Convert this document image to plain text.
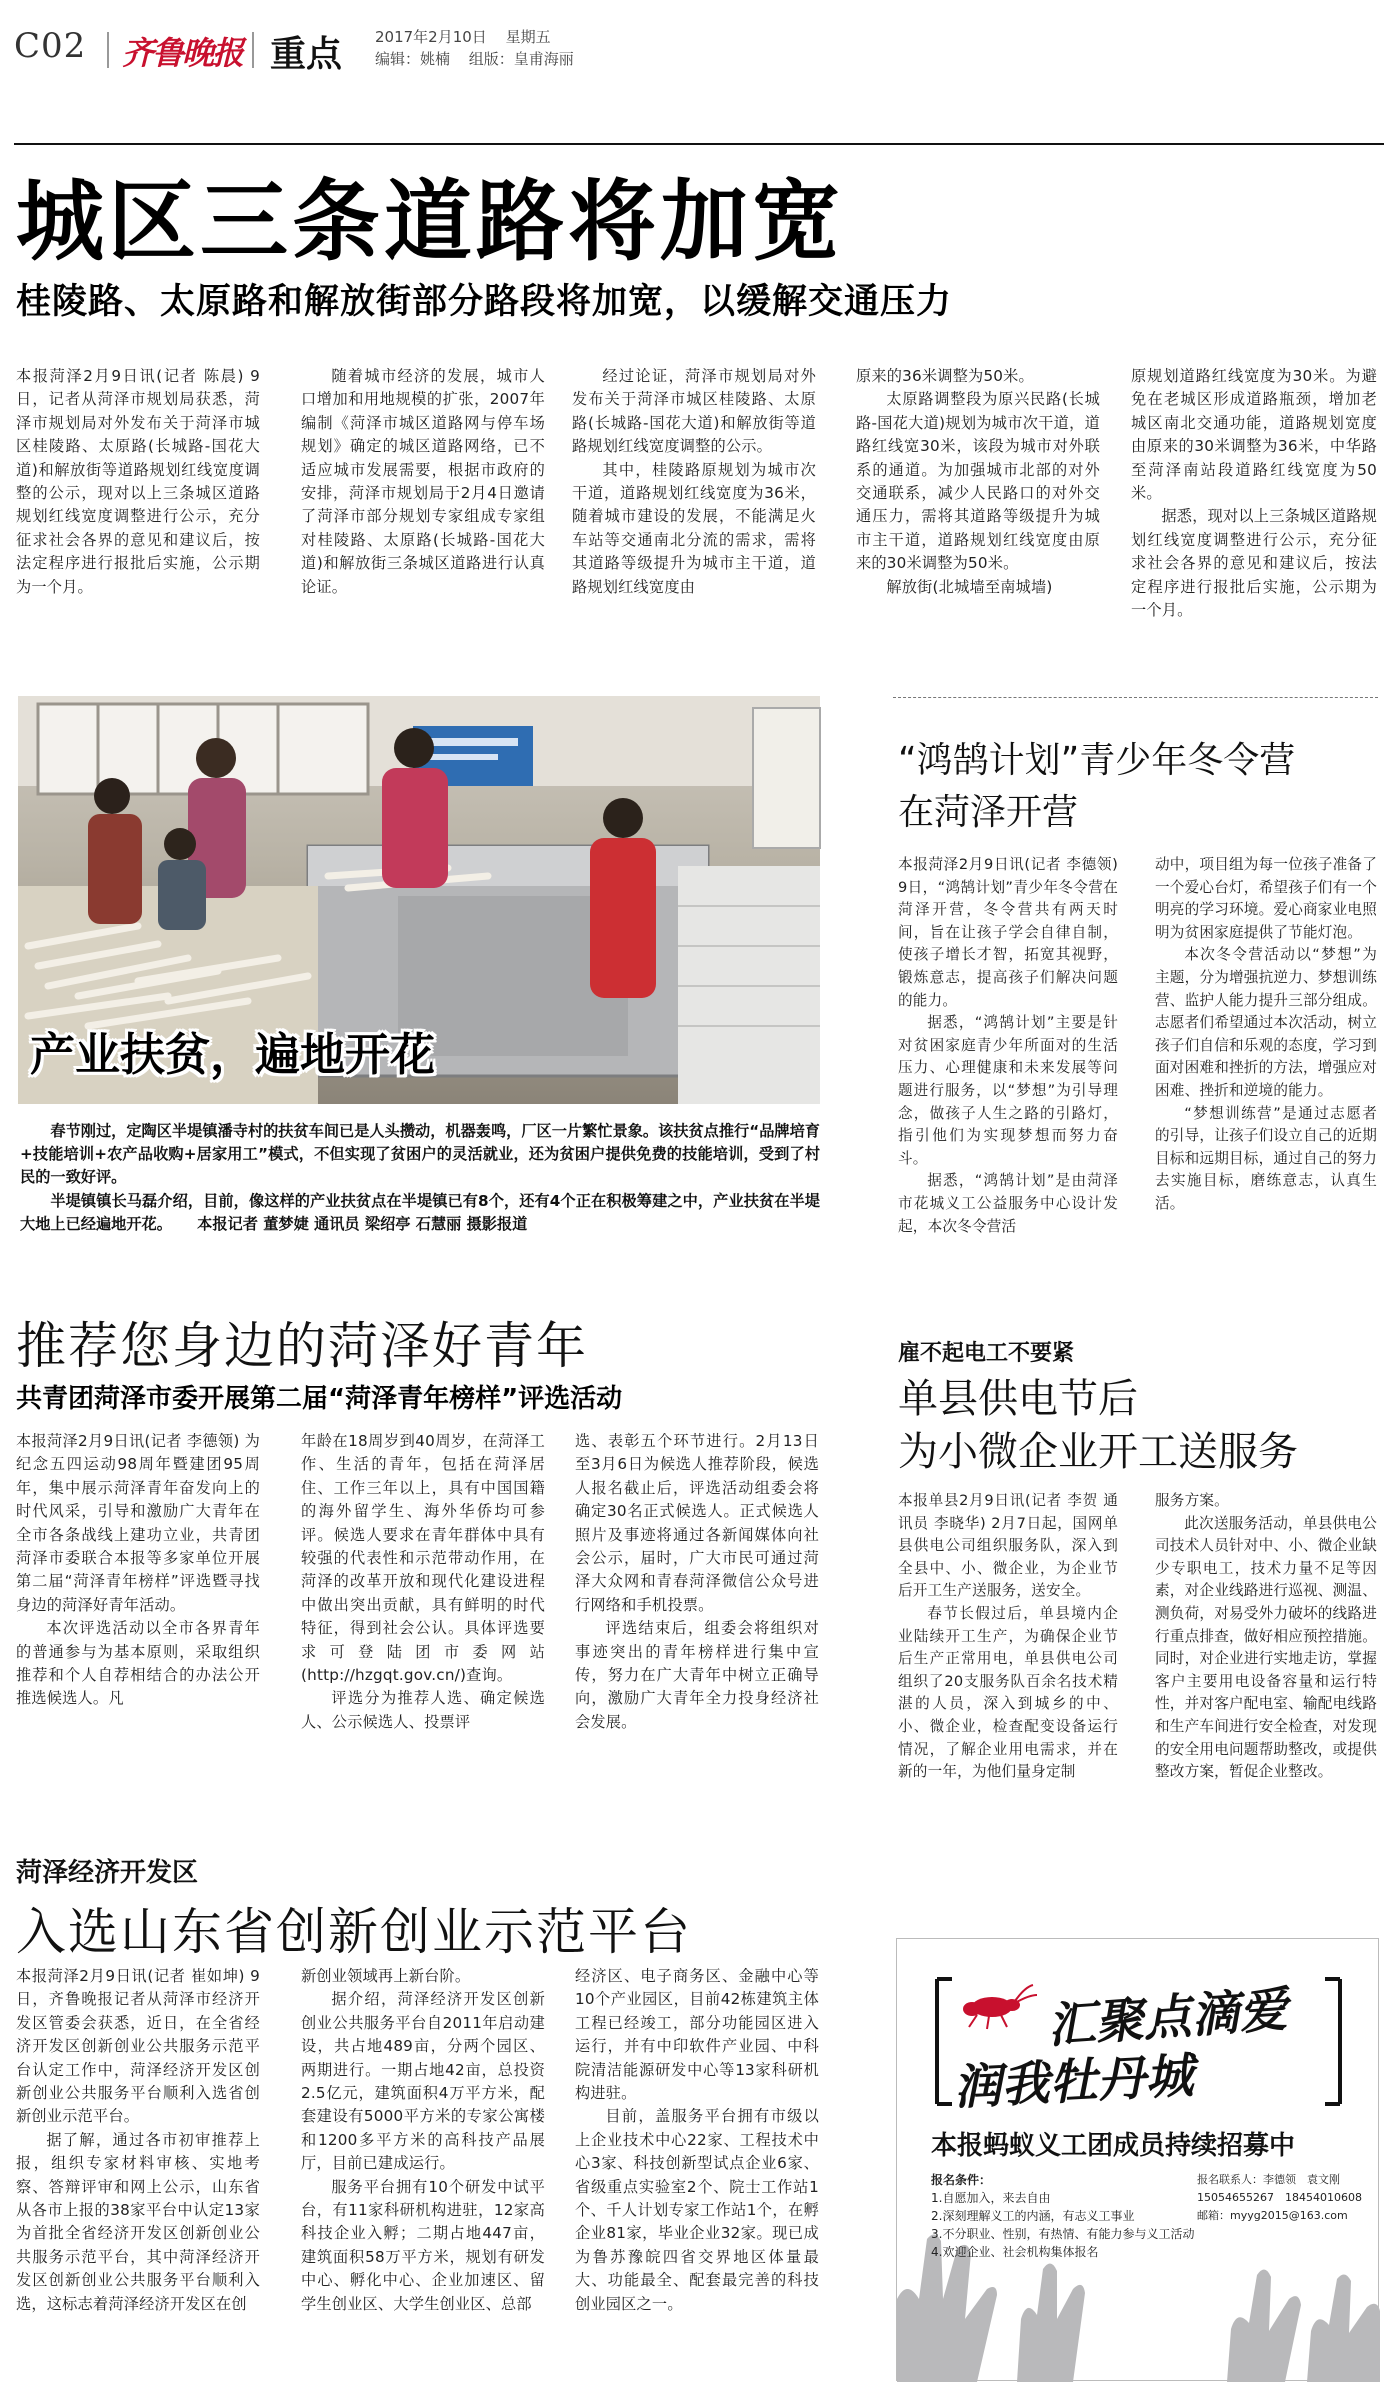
C02 齐鲁晚报 重点 2017年2月10日 星期五
编辑：姚楠 组版：皇甫海丽
城区三条道路将加宽
桂陵路、太原路和解放街部分路段将加宽，以缓解交通压力

本报菏泽2月9日讯(记者 陈晨) 9日，记者从菏泽市规划局获悉，菏泽市规划局对外发布关于菏泽市城区桂陵路、太原路(长城路-国花大道)和解放街等道路规划红线宽度调整的公示，现对以上三条城区道路规划红线宽度调整进行公示，充分征求社会各界的意见和建议后，按法定程序进行报批后实施，公示期为一个月。

随着城市经济的发展，城市人口增加和用地规模的扩张，2007年编制《菏泽市城区道路网与停车场规划》确定的城区道路网络，已不适应城市发展需要，根据市政府的安排，菏泽市规划局于2月4日邀请了菏泽市部分规划专家组成专家组对桂陵路、太原路(长城路-国花大道)和解放街三条城区道路进行认真论证。

经过论证，菏泽市规划局对外发布关于菏泽市城区桂陵路、太原路(长城路-国花大道)和解放街等道路规划红线宽度调整的公示。

其中，桂陵路原规划为城市次干道，道路规划红线宽度为36米，随着城市建设的发展，不能满足火车站等交通南北分流的需求，需将其道路等级提升为城市主干道，道路规划红线宽度由

原来的36米调整为50米。

太原路调整段为原兴民路(长城路-国花大道)规划为城市次干道，道路红线宽30米，该段为城市对外联系的通道。为加强城市北部的对外交通联系，减少人民路口的对外交通压力，需将其道路等级提升为城市主干道，道路规划红线宽度由原来的30米调整为50米。

解放街(北城墙至南城墙)

原规划道路红线宽度为30米。为避免在老城区形成道路瓶颈，增加老城区南北交通功能，道路规划宽度由原来的30米调整为36米，中华路至菏泽南站段道路红线宽度为50米。

据悉，现对以上三条城区道路规划红线宽度调整进行公示，充分征求社会各界的意见和建议后，按法定程序进行报批后实施，公示期为一个月。

产业扶贫，遍地开花
春节刚过，定陶区半堤镇潘寺村的扶贫车间已是人头攒动，机器轰鸣，厂区一片繁忙景象。该扶贫点推行“品牌培育+技能培训+农产品收购+居家用工”模式，不但实现了贫困户的灵活就业，还为贫困户提供免费的技能培训，受到了村民的一致好评。
半堤镇镇长马磊介绍，目前，像这样的产业扶贫点在半堤镇已有8个，还有4个正在积极筹建之中，产业扶贫在半堤大地上已经遍地开花。 本报记者 董梦婕 通讯员 梁绍亭 石慧丽 摄影报道
“鸿鹄计划”青少年冬令营
在菏泽开营

本报菏泽2月9日讯(记者 李德领) 9日，“鸿鹄计划”青少年冬令营在菏泽开营，冬令营共有两天时间，旨在让孩子学会自律自制，使孩子增长才智，拓宽其视野，锻炼意志，提高孩子们解决问题的能力。

据悉，“鸿鹄计划”主要是针对贫困家庭青少年所面对的生活压力、心理健康和未来发展等问题进行服务，以“梦想”为引导理念，做孩子人生之路的引路灯，指引他们为实现梦想而努力奋斗。

据悉，“鸿鹄计划”是由菏泽市花城义工公益服务中心设计发起，本次冬令营活

动中，项目组为每一位孩子准备了一个爱心台灯，希望孩子们有一个明亮的学习环境。爱心商家业电照明为贫困家庭提供了节能灯泡。

本次冬令营活动以“梦想”为主题，分为增强抗逆力、梦想训练营、监护人能力提升三部分组成。志愿者们希望通过本次活动，树立孩子们自信和乐观的态度，学习到面对困难和挫折的方法，增强应对困难、挫折和逆境的能力。

“梦想训练营”是通过志愿者的引导，让孩子们设立自己的近期目标和远期目标，通过自己的努力去实施目标，磨练意志，认真生活。

推荐您身边的菏泽好青年
共青团菏泽市委开展第二届“菏泽青年榜样”评选活动

本报菏泽2月9日讯(记者 李德领) 为纪念五四运动98周年暨建团95周年，集中展示菏泽青年奋发向上的时代风采，引导和激励广大青年在全市各条战线上建功立业，共青团菏泽市委联合本报等多家单位开展第二届“菏泽青年榜样”评选暨寻找身边的菏泽好青年活动。

本次评选活动以全市各界青年的普通参与为基本原则，采取组织推荐和个人自荐相结合的办法公开推选候选人。凡

年龄在18周岁到40周岁，在菏泽工作、生活的青年，包括在菏泽居住、工作三年以上，具有中国国籍的海外留学生、海外华侨均可参评。候选人要求在青年群体中具有较强的代表性和示范带动作用，在菏泽的改革开放和现代化建设进程中做出突出贡献，具有鲜明的时代特征，得到社会公认。具体评选要求可登陆团市委网站(http://hzgqt.gov.cn/)查询。

评选分为推荐人选、确定候选人、公示候选人、投票评

选、表彰五个环节进行。2月13日至3月6日为候选人推荐阶段，候选人报名截止后，评选活动组委会将确定30名正式候选人。正式候选人照片及事迹将通过各新闻媒体向社会公示，届时，广大市民可通过菏泽大众网和青春菏泽微信公众号进行网络和手机投票。

评选结束后，组委会将组织对事迹突出的青年榜样进行集中宣传，努力在广大青年中树立正确导向，激励广大青年全力投身经济社会发展。

雇不起电工不要紧
单县供电节后
为小微企业开工送服务

本报单县2月9日讯(记者 李贺 通讯员 李晓华) 2月7日起，国网单县供电公司组织服务队，深入到全县中、小、微企业，为企业节后开工生产送服务，送安全。

春节长假过后，单县境内企业陆续开工生产，为确保企业节后生产正常用电，单县供电公司组织了20支服务队百余名技术精湛的人员，深入到城乡的中、小、微企业，检查配变设备运行情况，了解企业用电需求，并在新的一年，为他们量身定制

服务方案。

此次送服务活动，单县供电公司技术人员针对中、小、微企业缺少专职电工，技术力量不足等因素，对企业线路进行巡视、测温、测负荷，对易受外力破坏的线路进行重点排查，做好相应预控措施。同时，对企业进行实地走访，掌握客户主要用电设备容量和运行特性，并对客户配电室、输配电线路和生产车间进行安全检查，对发现的安全用电问题帮助整改，或提供整改方案，暂促企业整改。

菏泽经济开发区
入选山东省创新创业示范平台

本报菏泽2月9日讯(记者 崔如坤) 9日，齐鲁晚报记者从菏泽市经济开发区管委会获悉，近日，在全省经济开发区创新创业公共服务示范平台认定工作中，菏泽经济开发区创新创业公共服务平台顺利入选省创新创业示范平台。

据了解，通过各市初审推荐上报，组织专家材料审核、实地考察、答辩评审和网上公示，山东省从各市上报的38家平台中认定13家为首批全省经济开发区创新创业公共服务示范平台，其中菏泽经济开发区创新创业公共服务平台顺利入选，这标志着菏泽经济开发区在创

新创业领域再上新台阶。

据介绍，菏泽经济开发区创新创业公共服务平台自2011年启动建设，共占地489亩，分两个园区、两期进行。一期占地42亩，总投资2.5亿元，建筑面积4万平方米，配套建设有5000平方米的专家公寓楼和1200多平方米的高科技产品展厅，目前已建成运行。

服务平台拥有10个研发中试平台，有11家科研机构进驻，12家高科技企业入孵；二期占地447亩，建筑面积58万平方米，规划有研发中心、孵化中心、企业加速区、留学生创业区、大学生创业区、总部

经济区、电子商务区、金融中心等10个产业园区，目前42栋建筑主体工程已经竣工，部分功能园区进入运行，并有中印软件产业园、中科院清洁能源研发中心等13家科研机构进驻。

目前，盖服务平台拥有市级以上企业技术中心22家、工程技术中心3家、科技创新型试点企业6家、省级重点实验室2个、院士工作站1个、千人计划专家工作站1个，在孵企业81家，毕业企业32家。现已成为鲁苏豫皖四省交界地区体量最大、功能最全、配套最完善的科技创业园区之一。

汇聚点滴爱
润我牡丹城
本报蚂蚁义工团成员持续招募中
报名条件：
1.自愿加入，来去自由
2.深刻理解义工的内涵，有志义工事业
3.不分职业、性别，有热情、有能力参与义工活动
4.欢迎企业、社会机构集体报名
报名联系人：李德领　袁文刚
15054655267　18454010608
邮箱：myyg2015@163.com
